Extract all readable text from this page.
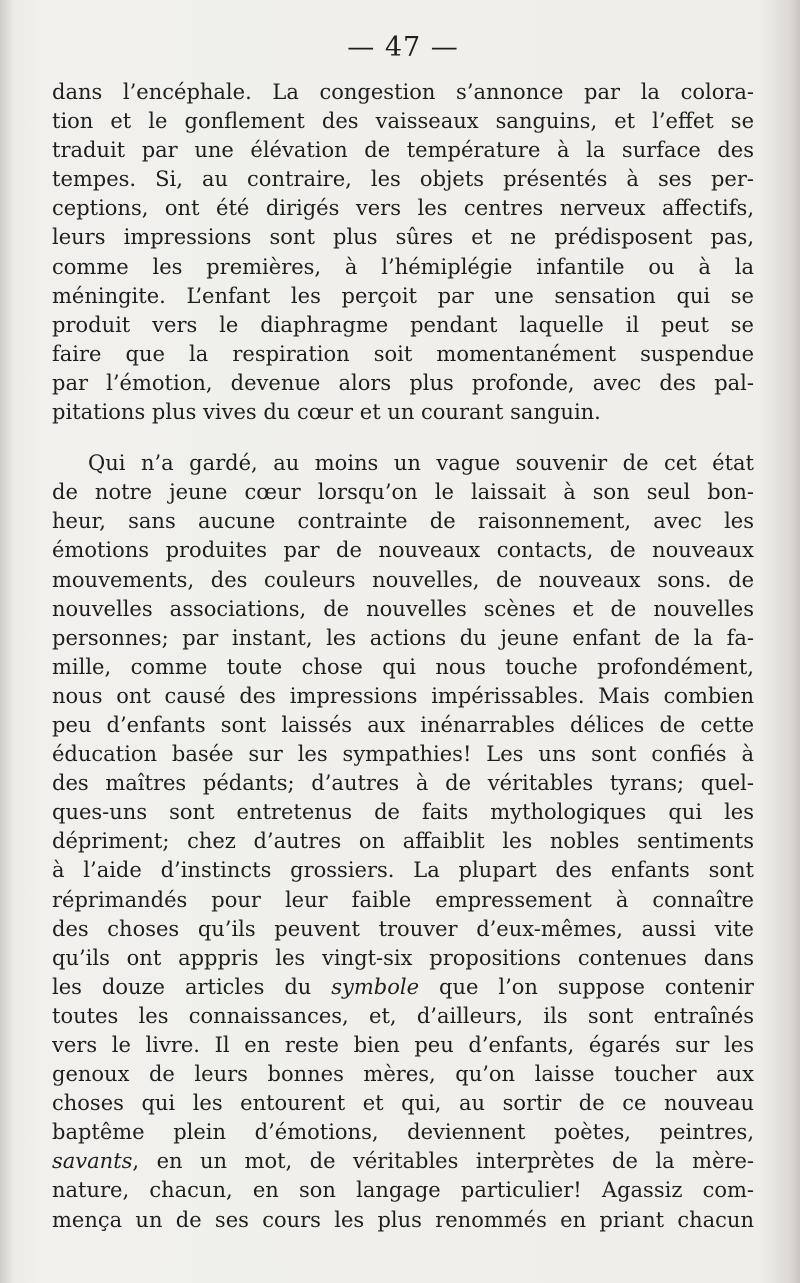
— 47 —
dans l’encéphale. La congestion s’annonce par la colora-
tion et le gonflement des vaisseaux sanguins, et l’effet se
traduit par une élévation de température à la surface des
tempes. Si, au contraire, les objets présentés à ses per-
ceptions, ont été dirigés vers les centres nerveux affectifs,
leurs impressions sont plus sûres et ne prédisposent pas,
comme les premières, à l’hémiplégie infantile ou à la
méningite. L’enfant les perçoit par une sensation qui se
produit vers le diaphragme pendant laquelle il peut se
faire que la respiration soit momentanément suspendue
par l’émotion, devenue alors plus profonde, avec des pal-
pitations plus vives du cœur et un courant sanguin.
Qui n’a gardé, au moins un vague souvenir de cet état
de notre jeune cœur lorsqu’on le laissait à son seul bon-
heur, sans aucune contrainte de raisonnement, avec les
émotions produites par de nouveaux contacts, de nouveaux
mouvements, des couleurs nouvelles, de nouveaux sons. de
nouvelles associations, de nouvelles scènes et de nouvelles
personnes; par instant, les actions du jeune enfant de la fa-
mille, comme toute chose qui nous touche profondément,
nous ont causé des impressions impérissables. Mais combien
peu d’enfants sont laissés aux inénarrables délices de cette
éducation basée sur les sympathies! Les uns sont confiés à
des maîtres pédants; d’autres à de véritables tyrans; quel-
ques-uns sont entretenus de faits mythologiques qui les
dépriment; chez d’autres on affaiblit les nobles sentiments
à l’aide d’instincts grossiers. La plupart des enfants sont
réprimandés pour leur faible empressement à connaître
des choses qu’ils peuvent trouver d’eux-mêmes, aussi vite
qu’ils ont apppris les vingt-six propositions contenues dans
les douze articles du symbole que l’on suppose contenir
toutes les connaissances, et, d’ailleurs, ils sont entraînés
vers le livre. Il en reste bien peu d’enfants, égarés sur les
genoux de leurs bonnes mères, qu’on laisse toucher aux
choses qui les entourent et qui, au sortir de ce nouveau
baptême plein d’émotions, deviennent poètes, peintres,
savants, en un mot, de véritables interprètes de la mère-
nature, chacun, en son langage particulier! Agassiz com-
mença un de ses cours les plus renommés en priant chacun
